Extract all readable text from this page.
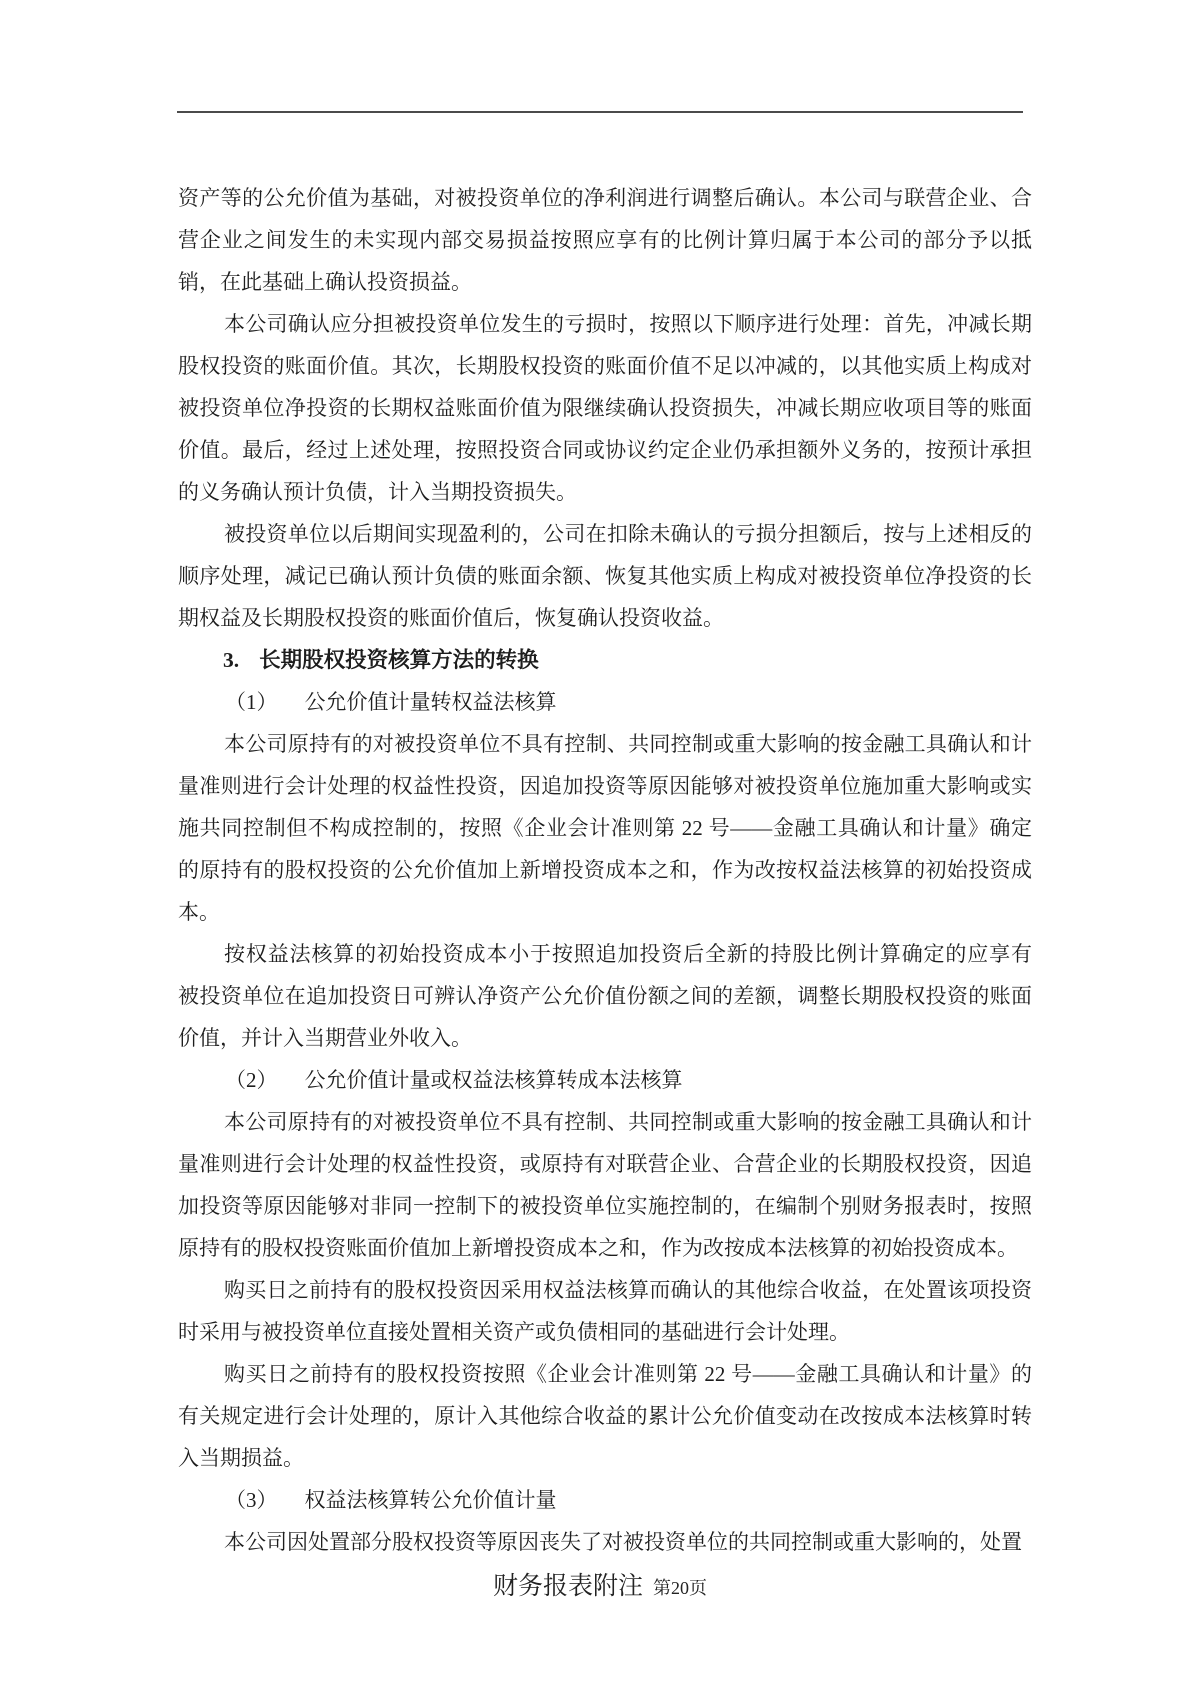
资产等的公允价值为基础，对被投资单位的净利润进行调整后确认。本公司与联营企业、合
营企业之间发生的未实现内部交易损益按照应享有的比例计算归属于本公司的部分予以抵
销，在此基础上确认投资损益。
本公司确认应分担被投资单位发生的亏损时，按照以下顺序进行处理：首先，冲减长期
股权投资的账面价值。其次，长期股权投资的账面价值不足以冲减的，以其他实质上构成对
被投资单位净投资的长期权益账面价值为限继续确认投资损失，冲减长期应收项目等的账面
价值。最后，经过上述处理，按照投资合同或协议约定企业仍承担额外义务的，按预计承担
的义务确认预计负债，计入当期投资损失。
被投资单位以后期间实现盈利的，公司在扣除未确认的亏损分担额后，按与上述相反的
顺序处理，减记已确认预计负债的账面余额、恢复其他实质上构成对被投资单位净投资的长
期权益及长期股权投资的账面价值后，恢复确认投资收益。
3. 长期股权投资核算方法的转换
（1） 公允价值计量转权益法核算
本公司原持有的对被投资单位不具有控制、共同控制或重大影响的按金融工具确认和计
量准则进行会计处理的权益性投资，因追加投资等原因能够对被投资单位施加重大影响或实
施共同控制但不构成控制的，按照《企业会计准则第 22 号——金融工具确认和计量》确定
的原持有的股权投资的公允价值加上新增投资成本之和，作为改按权益法核算的初始投资成
本。
按权益法核算的初始投资成本小于按照追加投资后全新的持股比例计算确定的应享有
被投资单位在追加投资日可辨认净资产公允价值份额之间的差额，调整长期股权投资的账面
价值，并计入当期营业外收入。
（2） 公允价值计量或权益法核算转成本法核算
本公司原持有的对被投资单位不具有控制、共同控制或重大影响的按金融工具确认和计
量准则进行会计处理的权益性投资，或原持有对联营企业、合营企业的长期股权投资，因追
加投资等原因能够对非同一控制下的被投资单位实施控制的，在编制个别财务报表时，按照
原持有的股权投资账面价值加上新增投资成本之和，作为改按成本法核算的初始投资成本。
购买日之前持有的股权投资因采用权益法核算而确认的其他综合收益，在处置该项投资
时采用与被投资单位直接处置相关资产或负债相同的基础进行会计处理。
购买日之前持有的股权投资按照《企业会计准则第 22 号——金融工具确认和计量》的
有关规定进行会计处理的，原计入其他综合收益的累计公允价值变动在改按成本法核算时转
入当期损益。
（3） 权益法核算转公允价值计量
本公司因处置部分股权投资等原因丧失了对被投资单位的共同控制或重大影响的，处置
财务报表附注 第20页
